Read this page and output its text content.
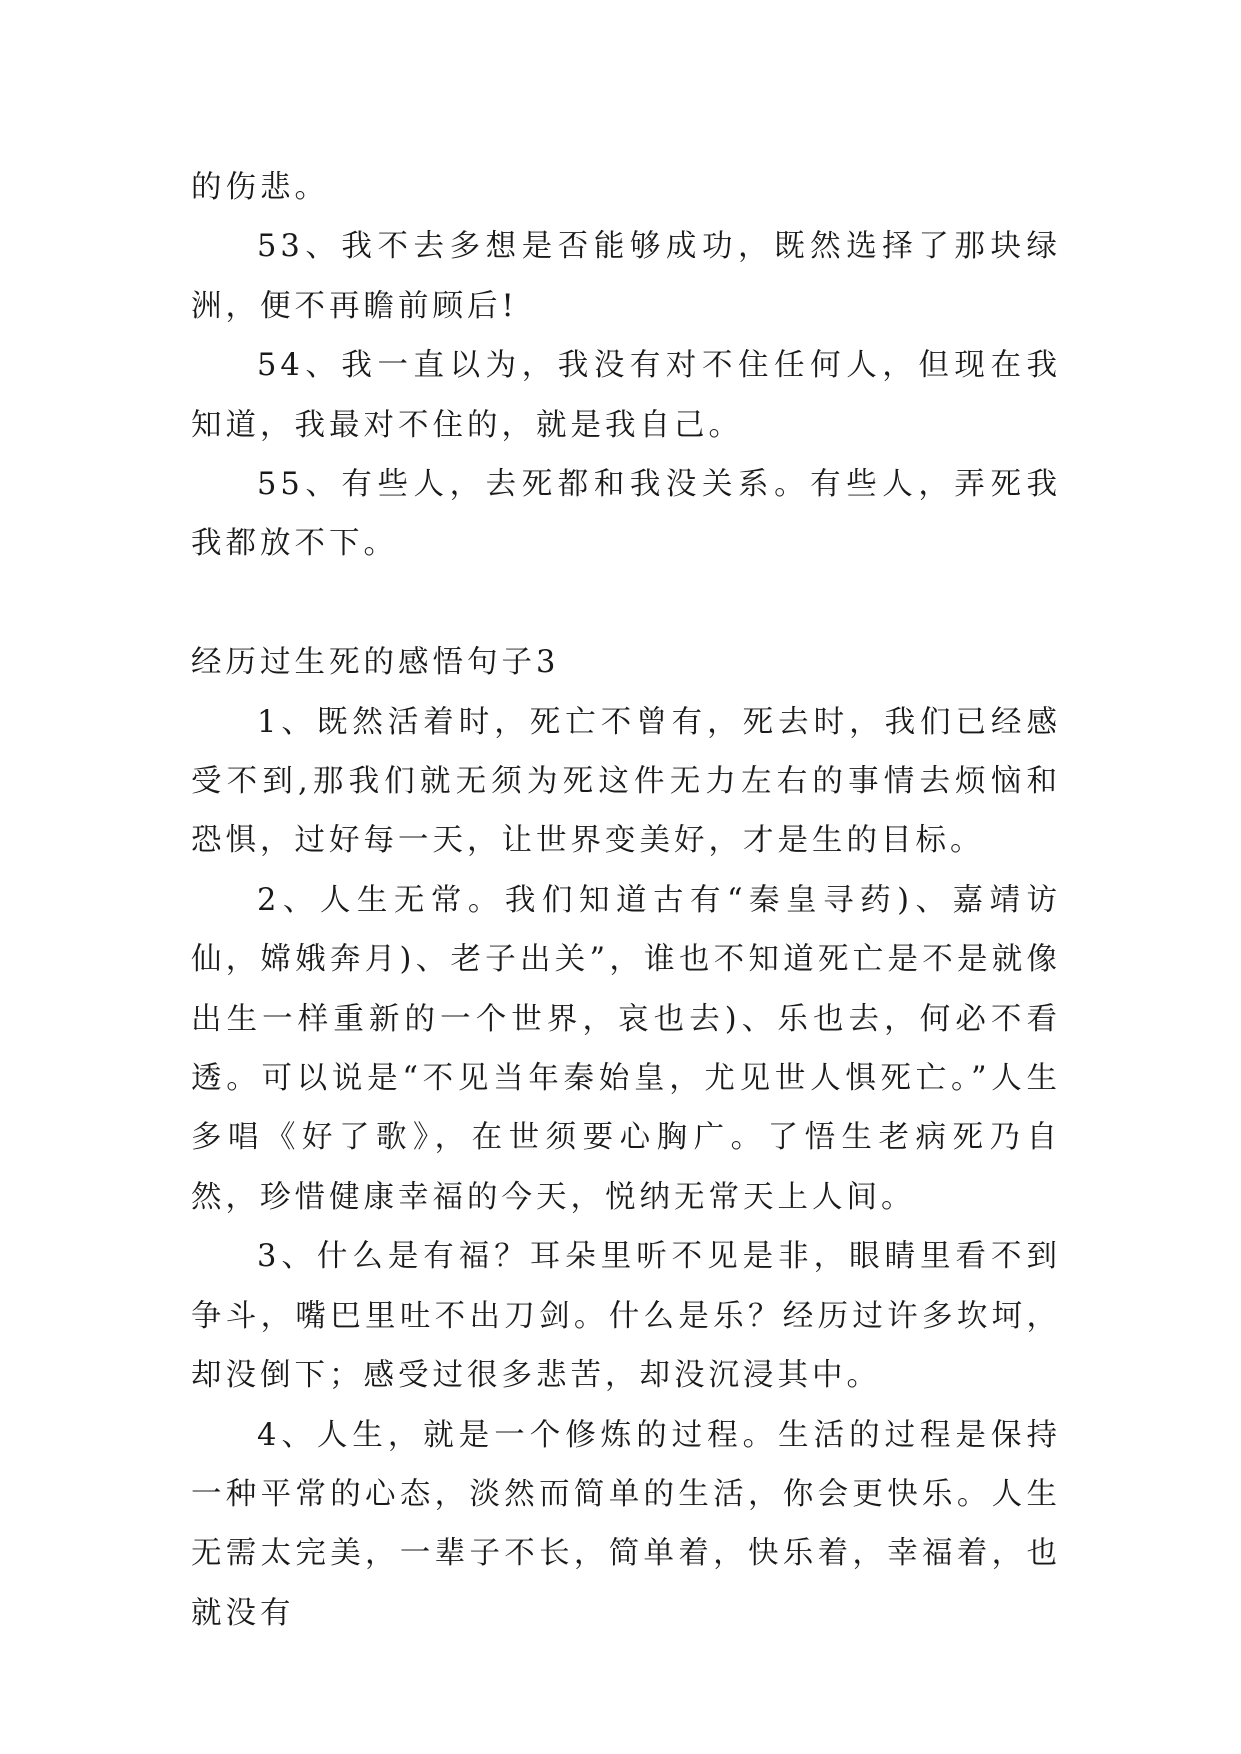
的伤悲。

53、我不去多想是否能够成功，既然选择了那块绿洲，便不再瞻前顾后!

54、我一直以为，我没有对不住任何人，但现在我知道，我最对不住的，就是我自己。

55、有些人，去死都和我没关系。有些人，弄死我我都放不下。

经历过生死的感悟句子3

1、既然活着时，死亡不曾有，死去时，我们已经感受不到,那我们就无须为死这件无力左右的事情去烦恼和恐惧，过好每一天，让世界变美好，才是生的目标。

2、人生无常。我们知道古有“秦皇寻药)、嘉靖访仙，嫦娥奔月)、老子出关”，谁也不知道死亡是不是就像出生一样重新的一个世界，哀也去)、乐也去，何必不看透。可以说是“不见当年秦始皇，尤见世人惧死亡。”人生多唱《好了歌》，在世须要心胸广。了悟生老病死乃自然，珍惜健康幸福的今天，悦纳无常天上人间。

3、什么是有福？耳朵里听不见是非，眼睛里看不到争斗，嘴巴里吐不出刀剑。什么是乐？经历过许多坎坷，却没倒下；感受过很多悲苦，却没沉浸其中。

4、人生，就是一个修炼的过程。生活的过程是保持一种平常的心态，淡然而简单的生活，你会更快乐。人生无需太完美，一辈子不长，简单着，快乐着，幸福着，也就没有
